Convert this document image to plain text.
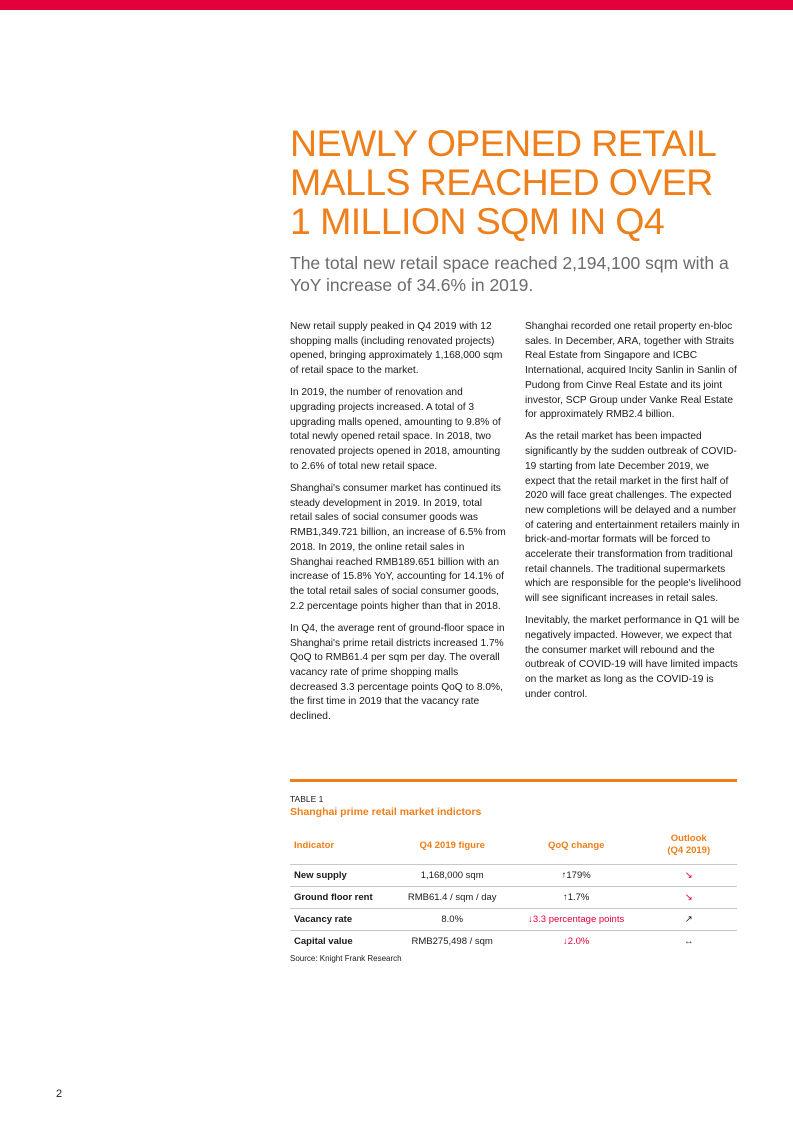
NEWLY OPENED RETAIL
MALLS REACHED OVER
1 MILLION SQM IN Q4

The total new retail space reached 2,194,100 sqm with a YoY increase of 34.6% in 2019.

New retail supply peaked in Q4 2019 with 12 shopping malls (including renovated projects) opened, bringing approximately 1,168,000 sqm of retail space to the market.

In 2019, the number of renovation and upgrading projects increased. A total of 3 upgrading malls opened, amounting to 9.8% of total newly opened retail space. In 2018, two renovated projects opened in 2018, amounting to 2.6% of total new retail space.

Shanghai's consumer market has continued its steady development in 2019. In 2019, total retail sales of social consumer goods was RMB1,349.721 billion, an increase of 6.5% from 2018. In 2019, the online retail sales in Shanghai reached RMB189.651 billion with an increase of 15.8% YoY, accounting for 14.1% of the total retail sales of social consumer goods, 2.2 percentage points higher than that in 2018.

In Q4, the average rent of ground-floor space in Shanghai's prime retail districts increased 1.7% QoQ to RMB61.4 per sqm per day. The overall vacancy rate of prime shopping malls decreased 3.3 percentage points QoQ to 8.0%, the first time in 2019 that the vacancy rate declined.

Shanghai recorded one retail property en-bloc sales. In December, ARA, together with Straits Real Estate from Singapore and ICBC International, acquired Incity Sanlin in Sanlin of Pudong from Cinve Real Estate and its joint investor, SCP Group under Vanke Real Estate for approximately RMB2.4 billion.

As the retail market has been impacted significantly by the sudden outbreak of COVID-19 starting from late December 2019, we expect that the retail market in the first half of 2020 will face great challenges. The expected new completions will be delayed and a number of catering and entertainment retailers mainly in brick-and-mortar formats will be forced to accelerate their transformation from traditional retail channels. The traditional supermarkets which are responsible for the people's livelihood will see significant increases in retail sales.

Inevitably, the market performance in Q1 will be negatively impacted. However, we expect that the consumer market will rebound and the outbreak of COVID-19 will have limited impacts on the market as long as the COVID-19 is under control.

TABLE 1
Shanghai prime retail market indictors
Indicator	Q4 2019 figure	QoQ change	Outlook
(Q4 2019)
New supply	1,168,000 sqm	↑179%	↘
Ground floor rent	RMB61.4 / sqm / day	↑1.7%	↘
Vacancy rate	8.0%	↓3.3 percentage points	↗
Capital value	RMB275,498 / sqm	↓2.0%	↔
Source: Knight Frank Research
2
